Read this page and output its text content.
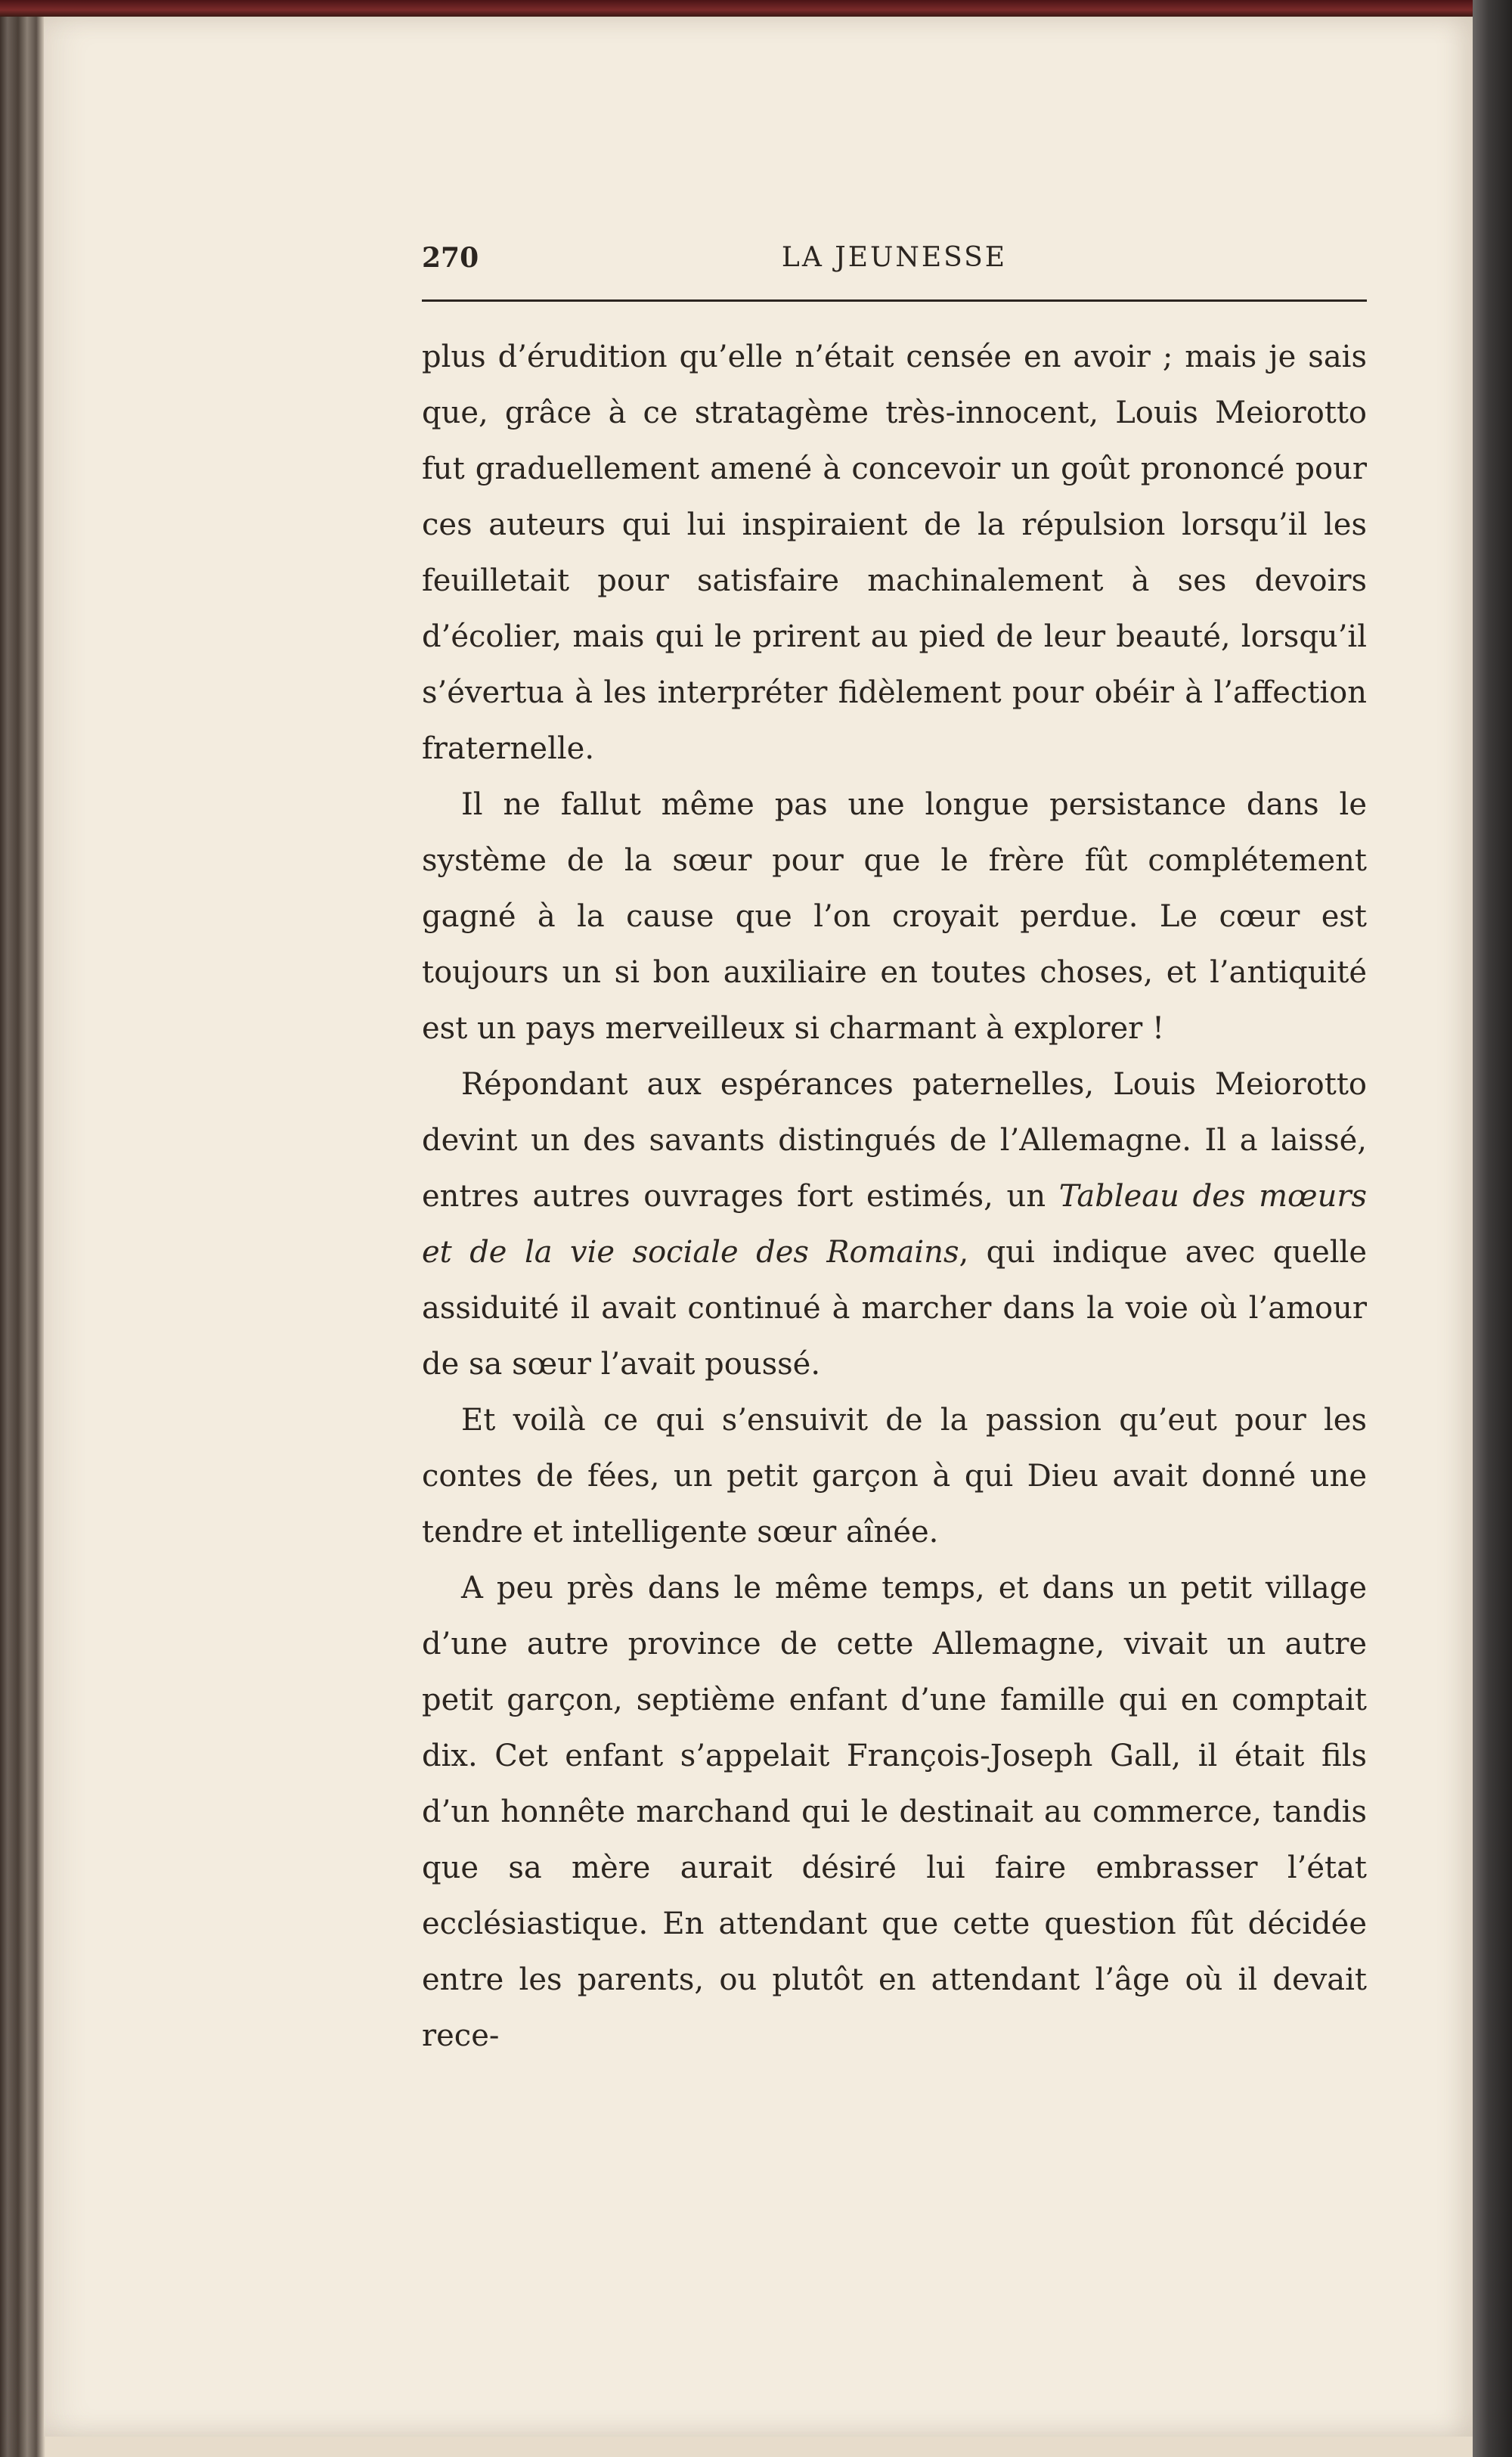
270	LA JEUNESSE

plus d’érudition qu’elle n’était censée en avoir ; mais je sais que, grâce à ce stratagème très-innocent, Louis Meiorotto fut graduellement amené à concevoir un goût prononcé pour ces auteurs qui lui inspiraient de la répulsion lorsqu’il les feuilletait pour satisfaire machinalement à ses devoirs d’écolier, mais qui le prirent au pied de leur beauté, lorsqu’il s’évertua à les interpréter fidèlement pour obéir à l’affection fraternelle.

Il ne fallut même pas une longue persistance dans le système de la sœur pour que le frère fût complétement gagné à la cause que l’on croyait perdue. Le cœur est toujours un si bon auxiliaire en toutes choses, et l’antiquité est un pays merveilleux si charmant à explorer !

Répondant aux espérances paternelles, Louis Meiorotto devint un des savants distingués de l’Allemagne. Il a laissé, entres autres ouvrages fort estimés, un Tableau des mœurs et de la vie sociale des Romains, qui indique avec quelle assiduité il avait continué à marcher dans la voie où l’amour de sa sœur l’avait poussé.

Et voilà ce qui s’ensuivit de la passion qu’eut pour les contes de fées, un petit garçon à qui Dieu avait donné une tendre et intelligente sœur aînée.

A peu près dans le même temps, et dans un petit village d’une autre province de cette Allemagne, vivait un autre petit garçon, septième enfant d’une famille qui en comptait dix. Cet enfant s’appelait François-Joseph Gall, il était fils d’un honnête marchand qui le destinait au commerce, tandis que sa mère aurait désiré lui faire embrasser l’état ecclésiastique. En attendant que cette question fût décidée entre les parents, ou plutôt en attendant l’âge où il devait rece-
